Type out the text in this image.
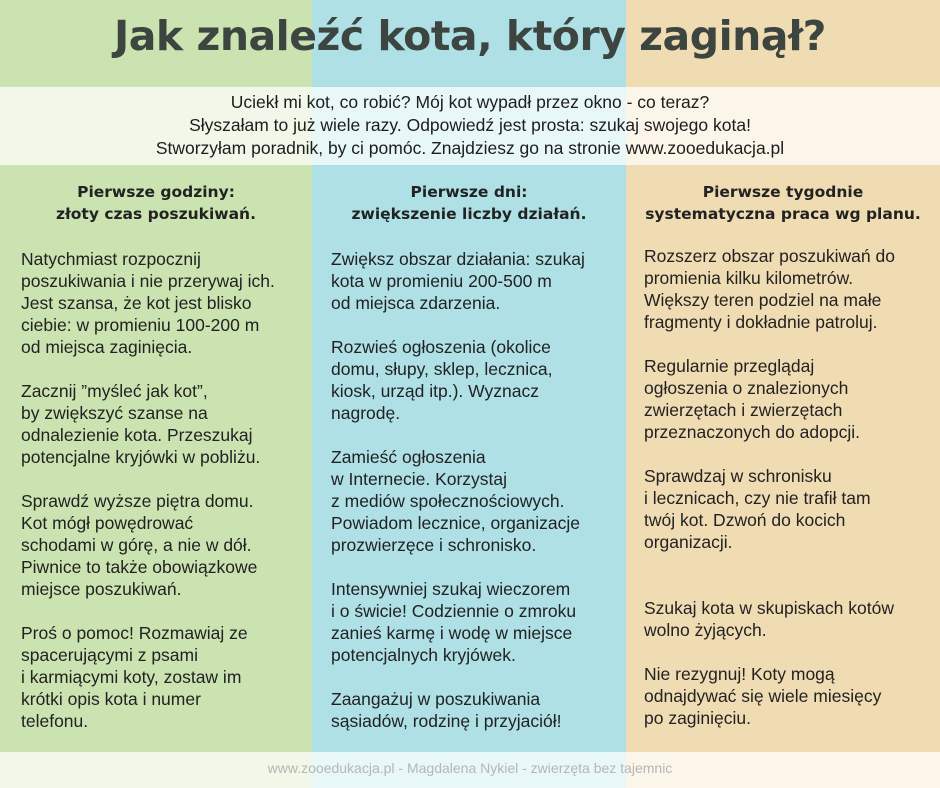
Jak znaleźć kota, który zaginął?
Uciekł mi kot, co robić? Mój kot wypadł przez okno - co teraz?
Słyszałam to już wiele razy. Odpowiedź jest prosta: szukaj swojego kota!
Stworzyłam poradnik, by ci pomóc. Znajdziesz go na stronie www.zooedukacja.pl
Pierwsze godziny:
złoty czas poszukiwań.

Natychmiast rozpocznij
poszukiwania i nie przerywaj ich.
Jest szansa, że kot jest blisko
ciebie: w promieniu 100-200 m
od miejsca zaginięcia.

Zacznij ”myśleć jak kot”,
by zwiększyć szanse na
odnalezienie kota. Przeszukaj
potencjalne kryjówki w pobliżu.

Sprawdź wyższe piętra domu.
Kot mógł powędrować
schodami w górę, a nie w dół.
Piwnice to także obowiązkowe
miejsce poszukiwań.

Proś o pomoc! Rozmawiaj ze
spacerującymi z psami
i karmiącymi koty, zostaw im
krótki opis kota i numer
telefonu.

Pierwsze dni:
zwiększenie liczby działań.

Zwiększ obszar działania: szukaj
kota w promieniu 200-500 m
od miejsca zdarzenia.

Rozwieś ogłoszenia (okolice
domu, słupy, sklep, lecznica,
kiosk, urząd itp.). Wyznacz
nagrodę.

Zamieść ogłoszenia
w Internecie. Korzystaj
z mediów społecznościowych.
Powiadom lecznice, organizacje
prozwierzęce i schronisko.

Intensywniej szukaj wieczorem
i o świcie! Codziennie o zmroku
zanieś karmę i wodę w miejsce
potencjalnych kryjówek.

Zaangażuj w poszukiwania
sąsiadów, rodzinę i przyjaciół!

Pierwsze tygodnie
systematyczna praca wg planu.

Rozszerz obszar poszukiwań do
promienia kilku kilometrów.
Większy teren podziel na małe
fragmenty i dokładnie patroluj.

Regularnie przeglądaj
ogłoszenia o znalezionych
zwierzętach i zwierzętach
przeznaczonych do adopcji.

Sprawdzaj w schronisku
i lecznicach, czy nie trafił tam
twój kot. Dzwoń do kocich
organizacji.

Szukaj kota w skupiskach kotów
wolno żyjących.

Nie rezygnuj! Koty mogą
odnajdywać się wiele miesięcy
po zaginięciu.

www.zooedukacja.pl - Magdalena Nykiel - zwierzęta bez tajemnic
